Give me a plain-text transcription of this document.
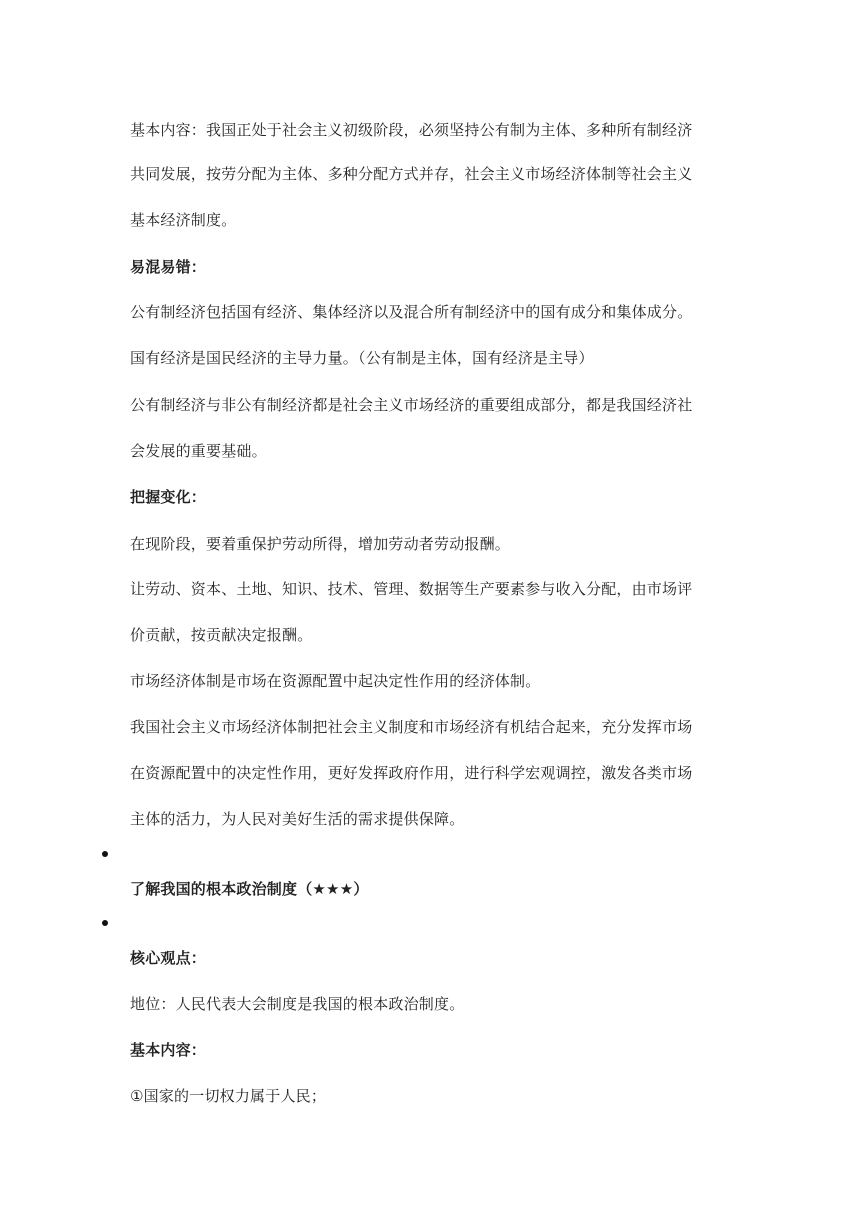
基本内容：我国正处于社会主义初级阶段，必须坚持公有制为主体、多种所有制经济
共同发展，按劳分配为主体、多种分配方式并存，社会主义市场经济体制等社会主义
基本经济制度。
易混易错：
公有制经济包括国有经济、集体经济以及混合所有制经济中的国有成分和集体成分。
国有经济是国民经济的主导力量。（公有制是主体，国有经济是主导）
公有制经济与非公有制经济都是社会主义市场经济的重要组成部分，都是我国经济社
会发展的重要基础。
把握变化：
在现阶段，要着重保护劳动所得，增加劳动者劳动报酬。
让劳动、资本、土地、知识、技术、管理、数据等生产要素参与收入分配，由市场评
价贡献，按贡献决定报酬。
市场经济体制是市场在资源配置中起决定性作用的经济体制。
我国社会主义市场经济体制把社会主义制度和市场经济有机结合起来，充分发挥市场
在资源配置中的决定性作用，更好发挥政府作用，进行科学宏观调控，激发各类市场
主体的活力，为人民对美好生活的需求提供保障。
了解我国的根本政治制度（★★★）
核心观点：
地位：人民代表大会制度是我国的根本政治制度。
基本内容：
①国家的一切权力属于人民；
